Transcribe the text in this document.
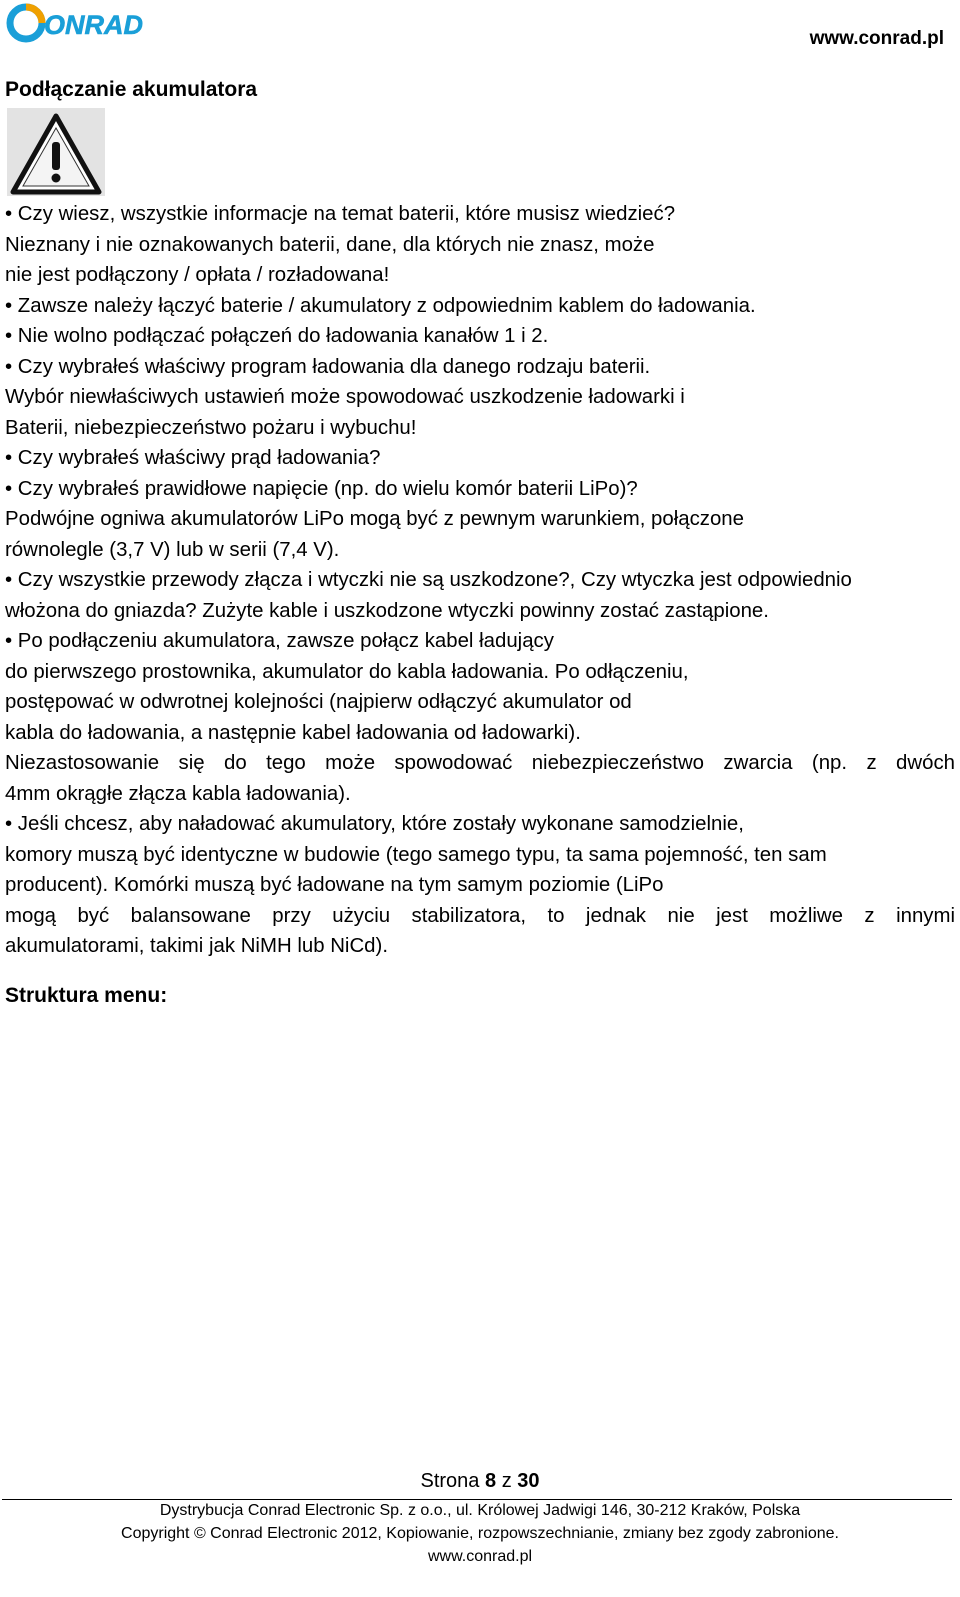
ONRAD	www.conrad.pl
Podłączanie akumulatora
• Czy wiesz, wszystkie informacje na temat baterii, które musisz wiedzieć?
Nieznany i nie oznakowanych baterii, dane, dla których nie znasz, może
nie jest podłączony / opłata / rozładowana!
• Zawsze należy łączyć baterie / akumulatory z odpowiednim kablem do ładowania.
• Nie wolno podłączać połączeń do ładowania kanałów 1 i 2.
• Czy wybrałeś właściwy program ładowania dla danego rodzaju baterii.
Wybór niewłaściwych ustawień może spowodować uszkodzenie ładowarki i
Baterii, niebezpieczeństwo pożaru i wybuchu!
• Czy wybrałeś właściwy prąd ładowania?
• Czy wybrałeś prawidłowe napięcie (np. do wielu komór baterii LiPo)?
Podwójne ogniwa akumulatorów LiPo mogą być z pewnym warunkiem, połączone
równolegle (3,7 V) lub w serii (7,4 V).
• Czy wszystkie przewody złącza i wtyczki nie są uszkodzone?, Czy wtyczka jest odpowiednio
włożona do gniazda? Zużyte kable i uszkodzone wtyczki powinny zostać zastąpione.
• Po podłączeniu akumulatora, zawsze połącz kabel ładujący
do pierwszego prostownika, akumulator do kabla ładowania. Po odłączeniu,
postępować w odwrotnej kolejności (najpierw odłączyć akumulator od
kabla do ładowania, a następnie kabel ładowania od ładowarki).
Niezastosowanie się do tego może spowodować niebezpieczeństwo zwarcia (np. z dwóch
4mm okrągłe złącza kabla ładowania).
• Jeśli chcesz, aby naładować akumulatory, które zostały wykonane samodzielnie,
komory muszą być identyczne w budowie (tego samego typu, ta sama pojemność, ten sam
producent). Komórki muszą być ładowane na tym samym poziomie (LiPo
mogą być balansowane przy użyciu stabilizatora, to jednak nie jest możliwe z innymi
akumulatorami, takimi jak NiMH lub NiCd).
Struktura menu:
Strona 8 z 30
Dystrybucja Conrad Electronic Sp. z o.o., ul. Królowej Jadwigi 146, 30-212 Kraków, Polska
Copyright © Conrad Electronic 2012, Kopiowanie, rozpowszechnianie, zmiany bez zgody zabronione.
www.conrad.pl
